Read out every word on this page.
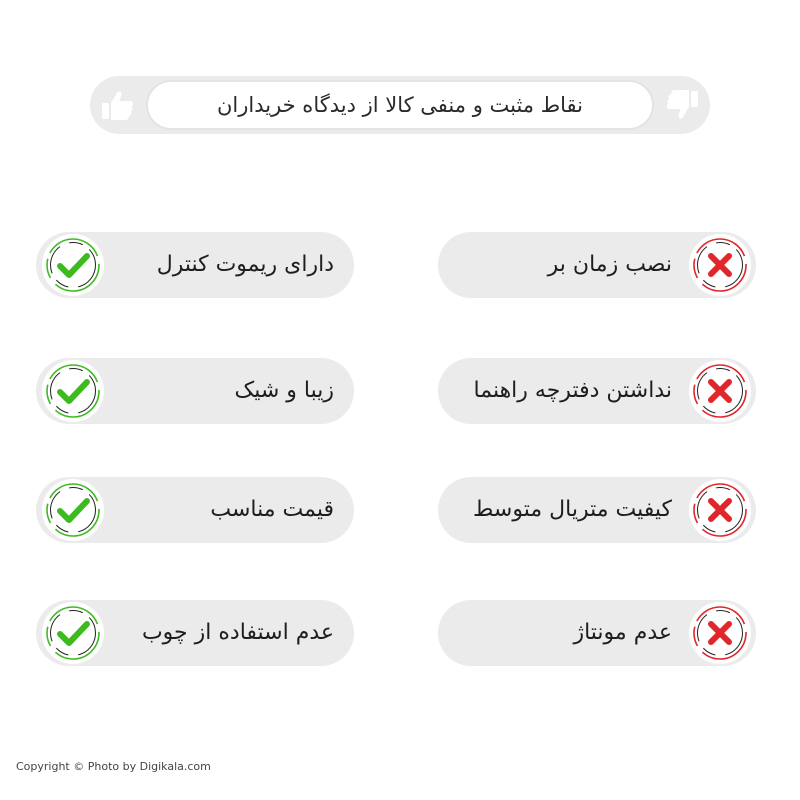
نقاط مثبت و منفی کالا از دیدگاه خریداران
دارای ریموت کنترل
زیبا و شیک
قیمت مناسب
عدم استفاده از چوب
نصب زمان بر
نداشتن دفترچه راهنما
کیفیت متریال متوسط
عدم مونتاژ
Copyright © Photo by Digikala.com
